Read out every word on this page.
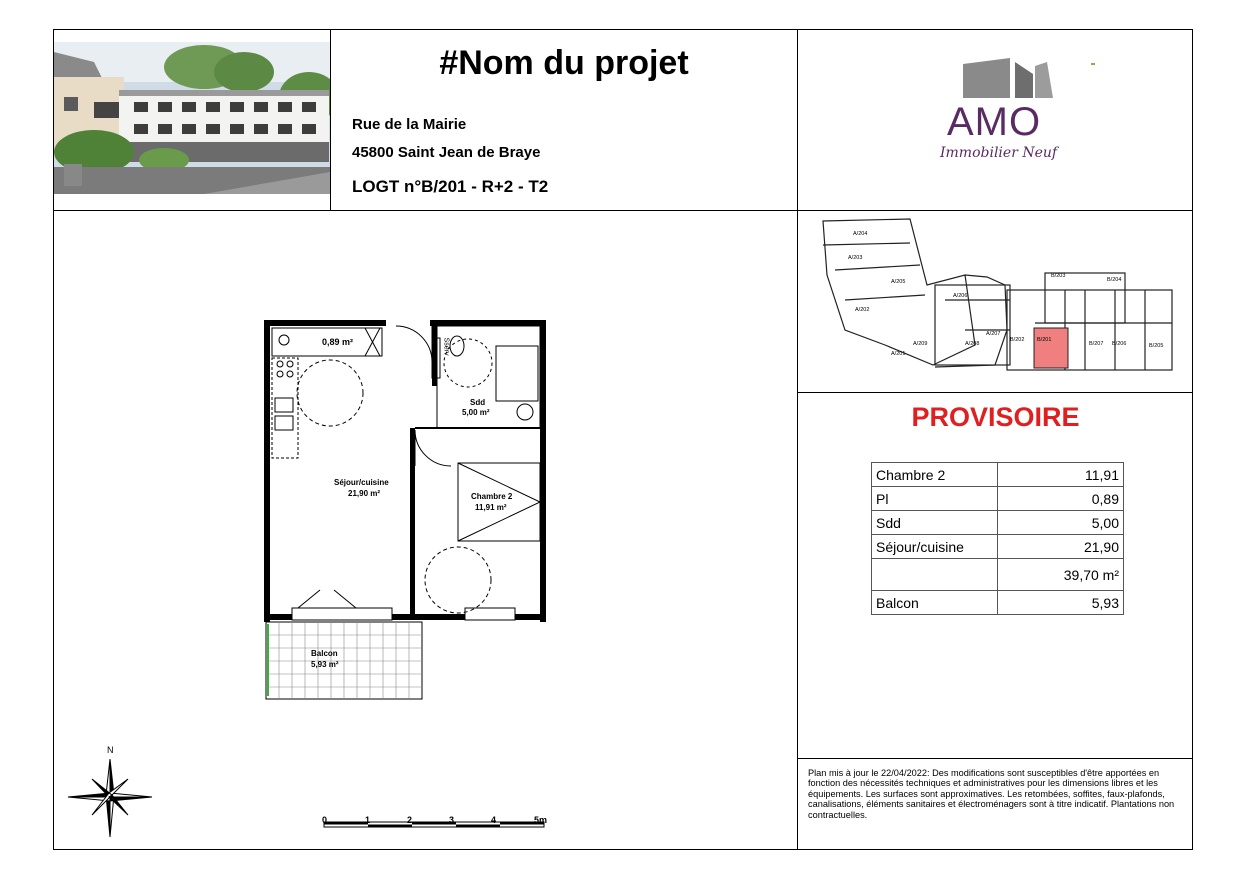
#Nom du projet
Rue de la Mairie
45800 Saint Jean de Braye
LOGT n°B/201 - R+2 - T2
AMO
Immobilier Neuf
A/204
A/203
A/205
A/206
A/202
A/207
A/209	A/208
A/201
B/203
B/204
B/202 B/201
B/207 B/206	B/205
PROVISOIRE
Chambre 2	11,91
Pl	0,89
Sdd	5,00
Séjour/cuisine	21,90
	39,70 m²
Balcon	5,93
Plan mis à jour le 22/04/2022: Des modifications sont susceptibles d'être apportées en fonction des nécessités techniques et administratives pour les dimensions libres et les équipements. Les surfaces sont approximatives. Les retombées, soffites, faux-plafonds, canalisations, éléments sanitaires et électroménagers sont à titre indicatif. Plantations non contractuelles.
0,89 m²	Sserv
Sdd
5,00 m²
Séjour/cuisine
21,90 m²	Chambre 2
11,91 m²
Balcon
5,93 m²
N
0	1	2	3	4	5m
